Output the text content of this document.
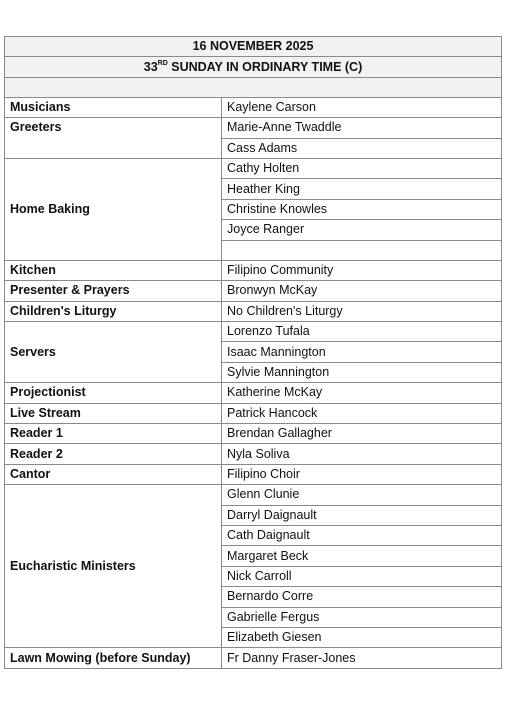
16 NOVEMBER 2025	
33RD SUNDAY IN ORDINARY TIME (C)	

Musicians	Kaylene Carson
Greeters	Marie-Anne Twaddle
	Cass Adams
Home Baking	Cathy Holten
	Heather King
	Christine Knowles
	Joyce Ranger

Kitchen	Filipino Community
Presenter & Prayers	Bronwyn McKay
Children's Liturgy	No Children's Liturgy
Servers	Lorenzo Tufala
	Isaac Mannington
	Sylvie Mannington
Projectionist	Katherine McKay
Live Stream	Patrick Hancock
Reader 1	Brendan Gallagher
Reader 2	Nyla Soliva
Cantor	Filipino Choir
Eucharistic Ministers	Glenn Clunie
	Darryl Daignault
	Cath Daignault
	Margaret Beck
	Nick Carroll
	Bernardo Corre
	Gabrielle Fergus
	Elizabeth Giesen
Lawn Mowing (before Sunday)	Fr Danny Fraser-Jones
